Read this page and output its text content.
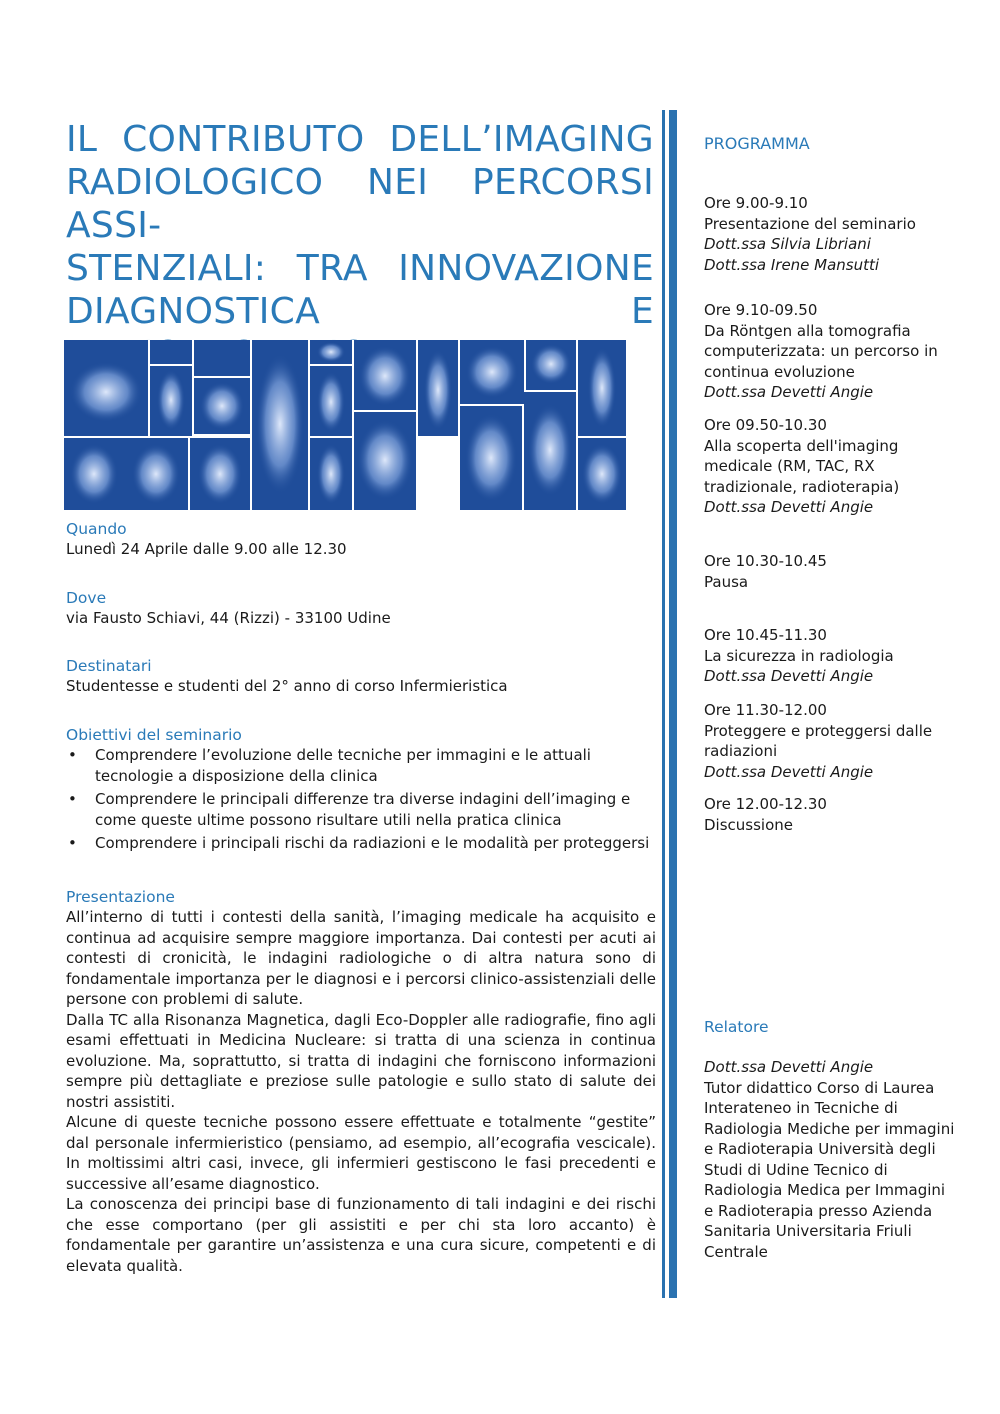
IL CONTRIBUTO DELL’IMAGING
RADIOLOGICO NEI PERCORSI ASSI-
STENZIALI: TRA INNOVAZIONE
DIAGNOSTICA E

Quando

Lunedì 24 Aprile dalle 9.00 alle 12.30

Dove

via Fausto Schiavi, 44 (Rizzi) - 33100 Udine

Destinatari

Studentesse e studenti del 2° anno di corso Infermieristica

Obiettivi del seminario

• Comprendere l’evoluzione delle tecniche per immagini e le attuali tecnologie a disposizione della clinica
• Comprendere le principali differenze tra diverse indagini dell’imaging e come queste ultime possono risultare utili nella pratica clinica
• Comprendere i principali rischi da radiazioni e le modalità per proteggersi

Presentazione

All’interno di tutti i contesti della sanità, l’imaging medicale ha acquisito e continua ad acquisire sempre maggiore importanza. Dai contesti per acuti ai contesti di cronicità, le indagini radiologiche o di altra natura sono di fondamentale importanza per le diagnosi e i percorsi clinico-assistenziali delle persone con problemi di salute.

Dalla TC alla Risonanza Magnetica, dagli Eco-Doppler alle radiografie, fino agli esami effettuati in Medicina Nucleare: si tratta di una scienza in continua evoluzione. Ma, soprattutto, si tratta di indagini che forniscono informazioni sempre più dettagliate e preziose sulle patologie e sullo stato di salute dei nostri assistiti.

Alcune di queste tecniche possono essere effettuate e totalmente “gestite” dal personale infermieristico (pensiamo, ad esempio, all’ecografia vescicale). In moltissimi altri casi, invece, gli infermieri gestiscono le fasi precedenti e successive all’esame diagnostico.

La conoscenza dei principi base di funzionamento di tali indagini e dei rischi che esse comportano (per gli assistiti e per chi sta loro accanto) è fondamentale per garantire un’assistenza e una cura sicure, competenti e di elevata qualità.

PROGRAMMA

Ore 9.00-9.10

Presentazione del seminario

Dott.ssa Silvia Libriani

Dott.ssa Irene Mansutti

Ore 9.10-09.50

Da Röntgen alla tomografia computerizzata: un percorso in continua evoluzione

Dott.ssa Devetti Angie

Ore 09.50-10.30

Alla scoperta dell'imaging medicale (RM, TAC, RX tradizionale, radioterapia)

Dott.ssa Devetti Angie

Ore 10.30-10.45

Pausa

Ore 10.45-11.30

La sicurezza in radiologia

Dott.ssa Devetti Angie

Ore 11.30-12.00

Proteggere e proteggersi dalle radiazioni

Dott.ssa Devetti Angie

Ore 12.00-12.30

Discussione

Relatore

Dott.ssa Devetti Angie

Tutor didattico Corso di Laurea Interateneo in Tecniche di Radiologia Mediche per immagini e Radioterapia Università degli Studi di Udine Tecnico di Radiologia Medica per Immagini e Radioterapia presso Azienda Sanitaria Universitaria Friuli Centrale
